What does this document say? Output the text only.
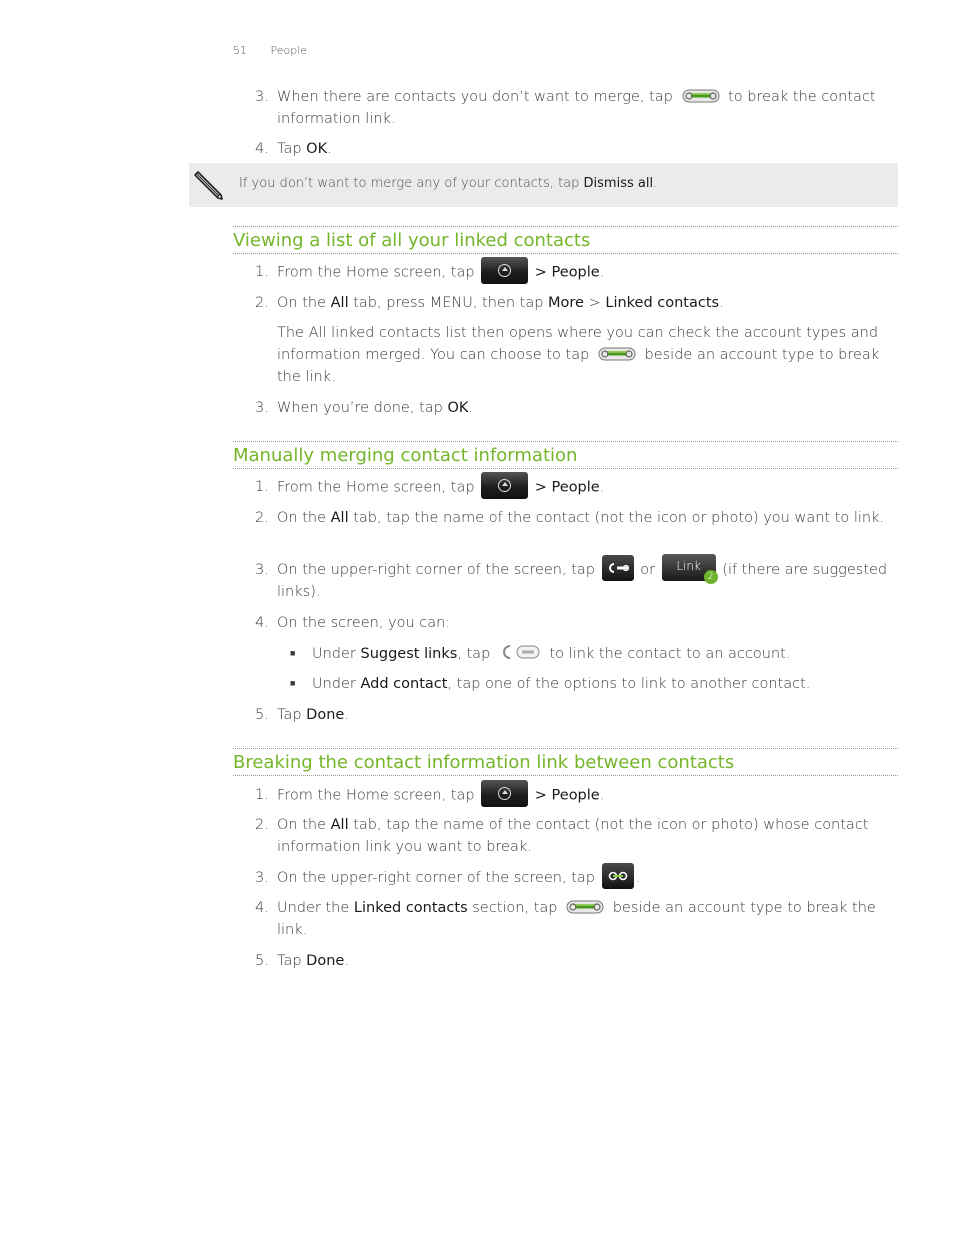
51 People
3. When there are contacts you don’t want to merge, tap	to break the contact information link.
4. Tap OK.
If you don’t want to merge any of your contacts, tap Dismiss all.
Viewing a list of all your linked contacts
1. From the Home screen, tap	> People.
2. On the All tab, press MENU, then tap More > Linked contacts.
The All linked contacts list then opens where you can check the account types and information merged. You can choose to tap	beside an account type to break the link.
3. When you’re done, tap OK.
Manually merging contact information
1. From the Home screen, tap	> People.
2. On the All tab, tap the name of the contact (not the icon or photo) you want to link.
3. On the upper-right corner of the screen, tap	or Link
2 (if there are suggested links).
4. On the screen, you can:
■ Under Suggest links, tap	to link the contact to an account.
■ Under Add contact, tap one of the options to link to another contact.
5. Tap Done.
Breaking the contact information link between contacts
1. From the Home screen, tap	> People.
2. On the All tab, tap the name of the contact (not the icon or photo) whose contact information link you want to break.
3. On the upper-right corner of the screen, tap	.
4. Under the Linked contacts section, tap	beside an account type to break the link.
5. Tap Done.
